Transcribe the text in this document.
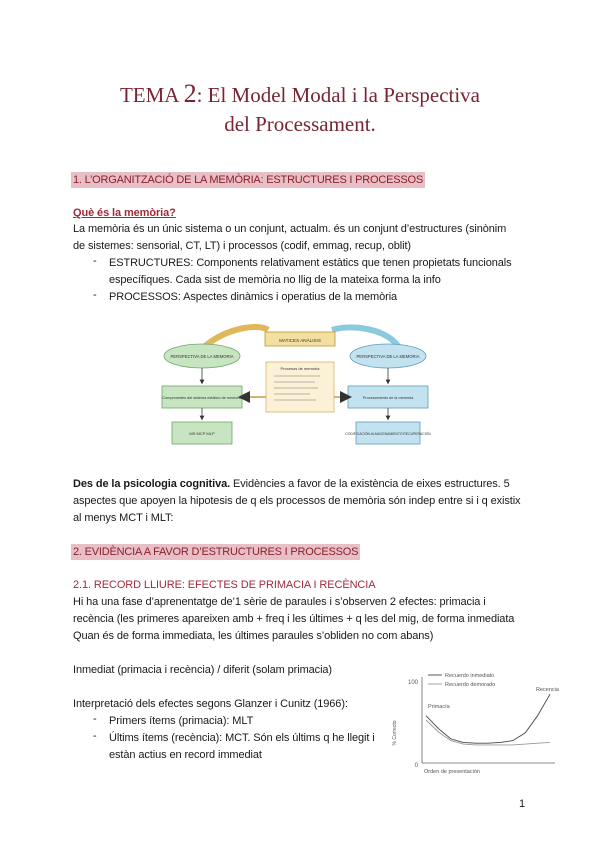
TEMA 2: El Model Modal i la Perspectiva
del Processament.
1. L’ORGANITZACIÓ DE LA MEMÒRIA: ESTRUCTURES I PROCESSOS
Què és la memòria?
La memòria és un únic sistema o un conjunt, actualm. és un conjunt d’estructures (sinònim
de sistemes: sensorial, CT, LT) i processos (codif, emmag, recup, oblit)
- ESTRUCTURES: Components relativament estàtics que tenen propietats funcionals
específiques. Cada sist de memòria no llig de la mateixa forma la info
- PROCESSOS: Aspectes dinàmics i operatius de la memòria
MATICES ANÁLISIS
PERSPECTIVA DE LA MEMORIA	PERSPECTIVA DE LA MEMORIA
Procesos de memoria
Componentes del sistema estático de memoria	Procesamiento de la memoria
MS MCP MLP	CODIFICACIÓN ALMACENAMIENTO RECUPERACIÓN
Des de la psicologia cognitiva. Evidències a favor de la existència de eixes estructures. 5
aspectes que apoyen la hipotesis de q els processos de memòria són indep entre si i q existix
al menys MCT i MLT:
2. EVIDÈNCIA A FAVOR D’ESTRUCTURES I PROCESSOS
2.1. RECORD LLIURE: EFECTES DE PRIMACIA I RECÈNCIA
Hi ha una fase d’aprenentatge de’1 sèrie de paraules i s’observen 2 efectes: primacia i
recència (les primeres apareixen amb + freq i les últimes + q les del mig, de forma inmediata
Quan és de forma immediata, les últimes paraules s’obliden no com abans)
Inmediat (primacia i recència) / diferit (solam primacia)
Interpretació dels efectes segons Glanzer i Cunitz (1966):
- Primers ítems (primacia): MLT
- Últims ítems (recència): MCT. Són els últims q he llegit i
estàn actius en record immediat
% Correcto
100
0
Recuerdo inmediato
Recuerdo demorado
Primacía
Recencia
Orden de presentación
1
